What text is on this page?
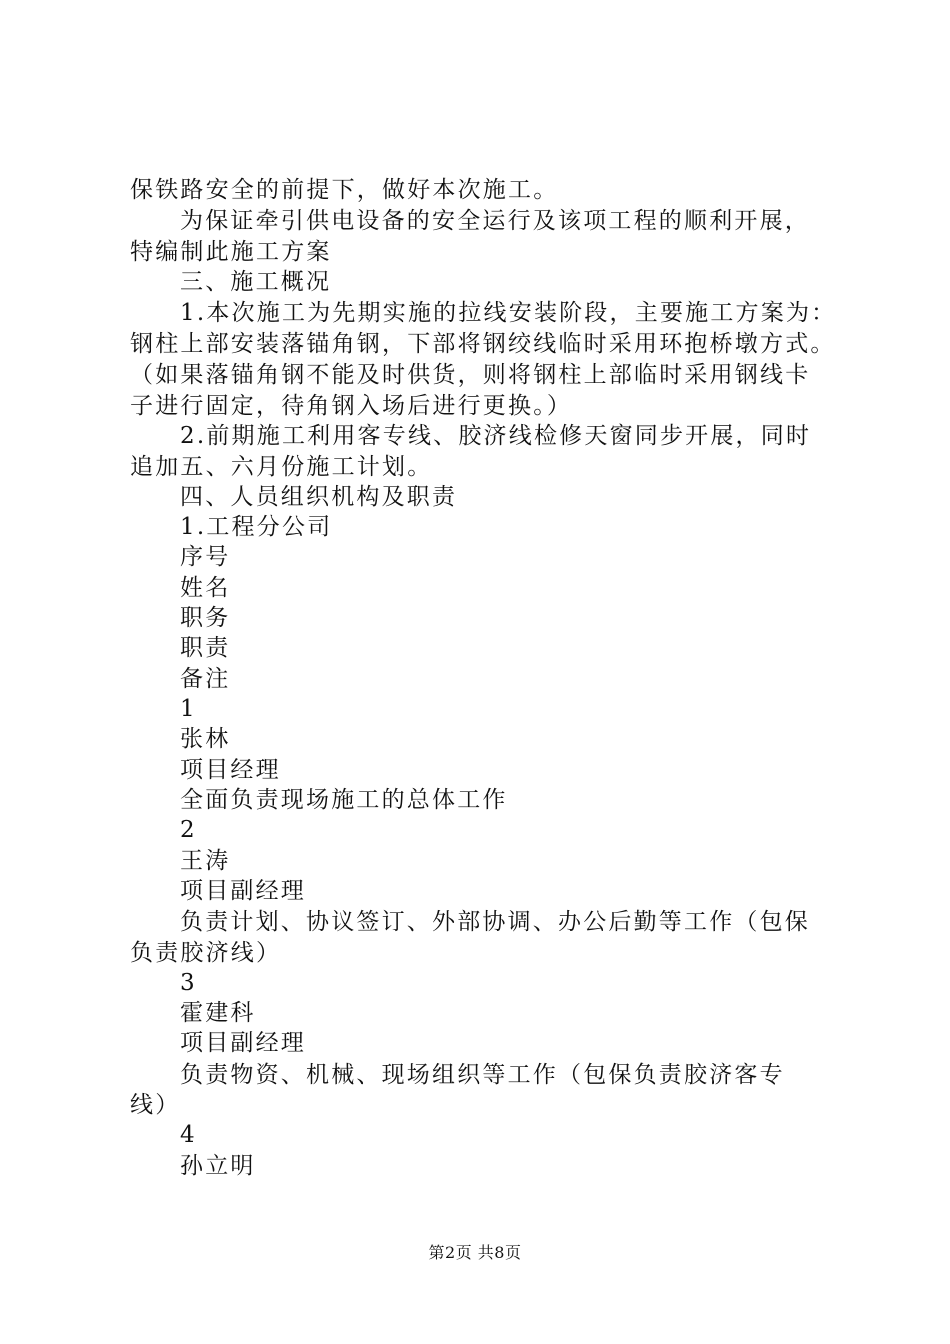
保铁路安全的前提下，做好本次施工。
为保证牵引供电设备的安全运行及该项工程的顺利开展，
特编制此施工方案
三、施工概况
1.本次施工为先期实施的拉线安装阶段，主要施工方案为：
钢柱上部安装落锚角钢，下部将钢绞线临时采用环抱桥墩方式。
（如果落锚角钢不能及时供货，则将钢柱上部临时采用钢线卡
子进行固定，待角钢入场后进行更换。）
2.前期施工利用客专线、胶济线检修天窗同步开展，同时
追加五、六月份施工计划。
四、人员组织机构及职责
1.工程分公司
序号
姓名
职务
职责
备注
1
张林
项目经理
全面负责现场施工的总体工作
2
王涛
项目副经理
负责计划、协议签订、外部协调、办公后勤等工作（包保
负责胶济线）
3
霍建科
项目副经理
负责物资、机械、现场组织等工作（包保负责胶济客专
线）
4
孙立明
第2页 共8页
